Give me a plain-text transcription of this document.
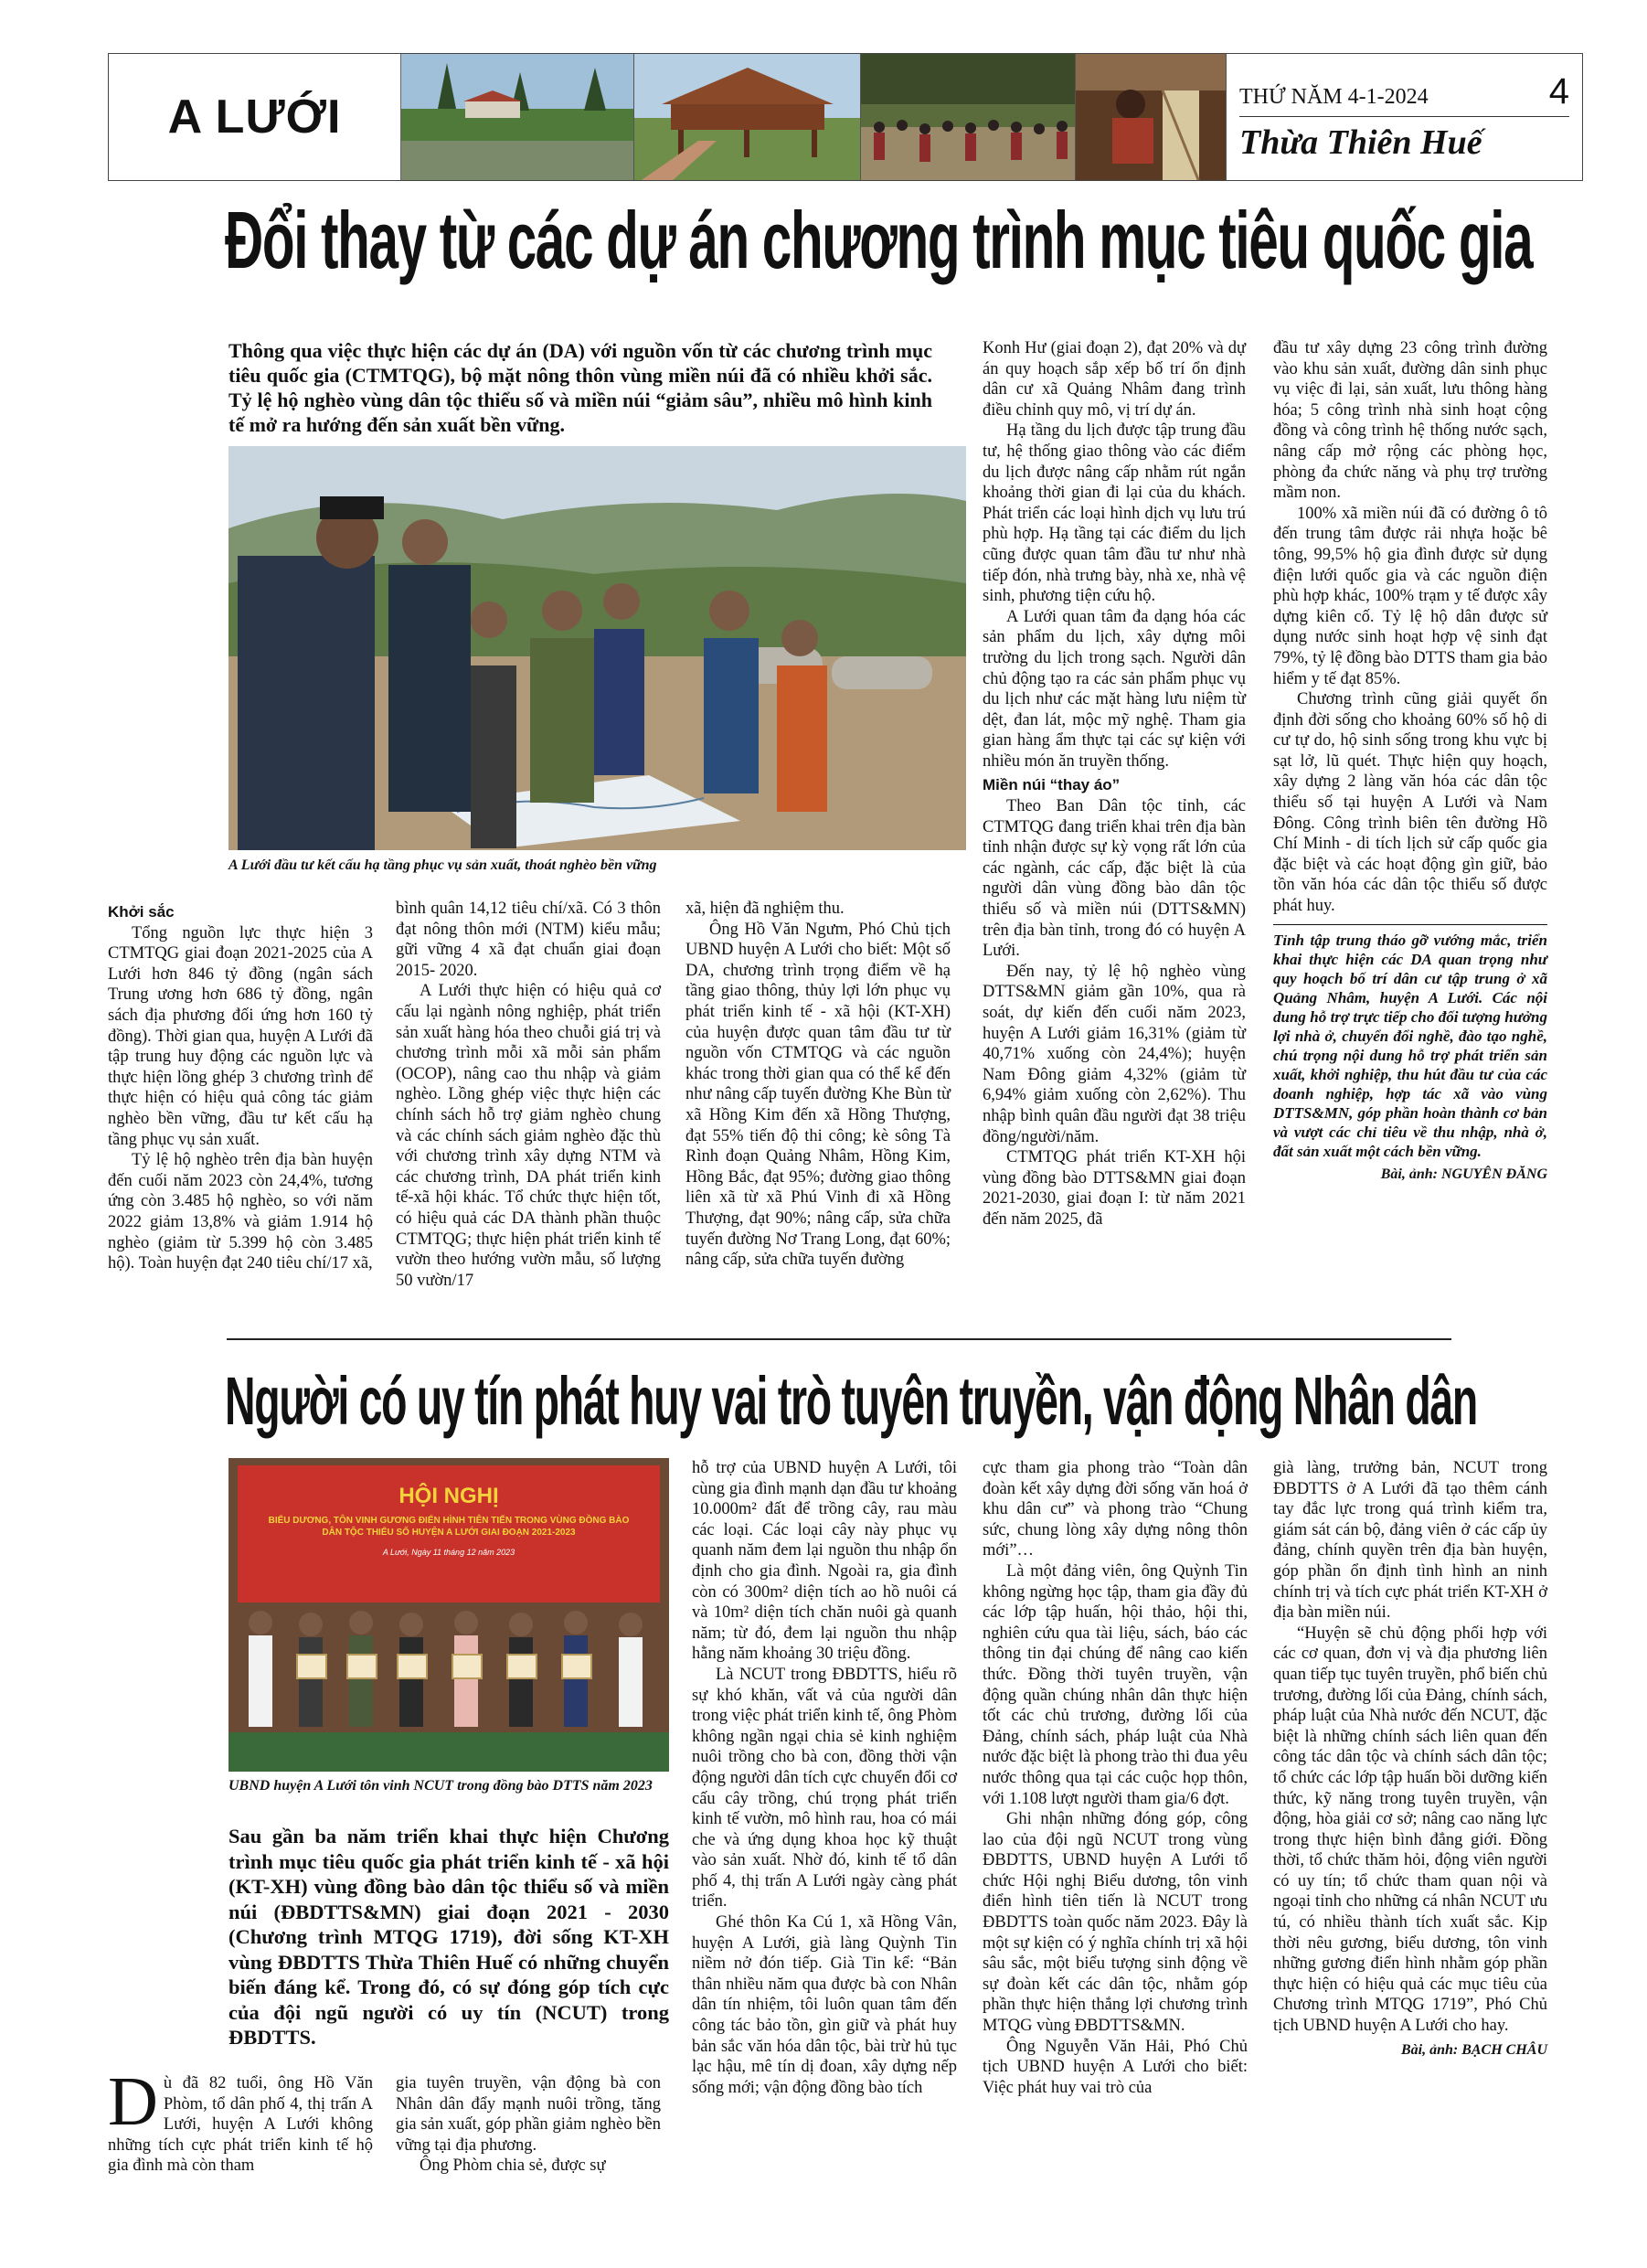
A LƯỚI	THỨ NĂM 4-1-2024	4
Thừa Thiên Huế
Đổi thay từ các dự án chương trình mục tiêu quốc gia
Thông qua việc thực hiện các dự án (DA) với nguồn vốn từ các chương trình mục tiêu quốc gia (CTMTQG), bộ mặt nông thôn vùng miền núi đã có nhiều khởi sắc. Tỷ lệ hộ nghèo vùng dân tộc thiểu số và miền núi “giảm sâu”, nhiều mô hình kinh tế mở ra hướng đến sản xuất bền vững.
A Lưới đầu tư kết cấu hạ tầng phục vụ sản xuất, thoát nghèo bền vững

Khởi sắc

Tổng nguồn lực thực hiện 3 CTMTQG giai đoạn 2021-2025 của A Lưới hơn 846 tỷ đồng (ngân sách Trung ương hơn 686 tỷ đồng, ngân sách địa phương đối ứng hơn 160 tỷ đồng). Thời gian qua, huyện A Lưới đã tập trung huy động các nguồn lực và thực hiện lồng ghép 3 chương trình để thực hiện có hiệu quả công tác giảm nghèo bền vững, đầu tư kết cấu hạ tầng phục vụ sản xuất.

Tỷ lệ hộ nghèo trên địa bàn huyện đến cuối năm 2023 còn 24,4%, tương ứng còn 3.485 hộ nghèo, so với năm 2022 giảm 13,8% và giảm 1.914 hộ nghèo (giảm từ 5.399 hộ còn 3.485 hộ). Toàn huyện đạt 240 tiêu chí/17 xã,

bình quân 14,12 tiêu chí/xã. Có 3 thôn đạt nông thôn mới (NTM) kiểu mẫu; gữi vững 4 xã đạt chuẩn giai đoạn 2015- 2020.

A Lưới thực hiện có hiệu quả cơ cấu lại ngành nông nghiệp, phát triển sản xuất hàng hóa theo chuỗi giá trị và chương trình mỗi xã mỗi sản phẩm (OCOP), nâng cao thu nhập và giảm nghèo. Lồng ghép việc thực hiện các chính sách hỗ trợ giảm nghèo chung và các chính sách giảm nghèo đặc thù với chương trình xây dựng NTM và các chương trình, DA phát triển kinh tế-xã hội khác. Tổ chức thực hiện tốt, có hiệu quả các DA thành phần thuộc CTMTQG; thực hiện phát triển kinh tế vườn theo hướng vườn mẫu, số lượng 50 vườn/17

xã, hiện đã nghiệm thu.

Ông Hồ Văn Ngưm, Phó Chủ tịch UBND huyện A Lưới cho biết: Một số DA, chương trình trọng điểm về hạ tầng giao thông, thủy lợi lớn phục vụ phát triển kinh tế - xã hội (KT-XH) của huyện được quan tâm đầu tư từ nguồn vốn CTMTQG và các nguồn khác trong thời gian qua có thể kể đến như nâng cấp tuyến đường Khe Bùn từ xã Hồng Kim đến xã Hồng Thượng, đạt 55% tiến độ thi công; kè sông Tà Rình đoạn Quảng Nhâm, Hồng Kim, Hồng Bắc, đạt 95%; đường giao thông liên xã từ xã Phú Vinh đi xã Hồng Thượng, đạt 90%; nâng cấp, sửa chữa tuyến đường Nơ Trang Long, đạt 60%; nâng cấp, sửa chữa tuyến đường

Konh Hư (giai đoạn 2), đạt 20% và dự án quy hoạch sắp xếp bố trí ổn định dân cư xã Quảng Nhâm đang trình điều chỉnh quy mô, vị trí dự án.

Hạ tầng du lịch được tập trung đầu tư, hệ thống giao thông vào các điểm du lịch được nâng cấp nhằm rút ngắn khoảng thời gian đi lại của du khách. Phát triển các loại hình dịch vụ lưu trú phù hợp. Hạ tầng tại các điểm du lịch cũng được quan tâm đầu tư như nhà tiếp đón, nhà trưng bày, nhà xe, nhà vệ sinh, phương tiện cứu hộ.

A Lưới quan tâm đa dạng hóa các sản phẩm du lịch, xây dựng môi trường du lịch trong sạch. Người dân chủ động tạo ra các sản phẩm phục vụ du lịch như các mặt hàng lưu niệm từ dệt, đan lát, mộc mỹ nghệ. Tham gia gian hàng ẩm thực tại các sự kiện với nhiều món ăn truyền thống.

Miền núi “thay áo”

Theo Ban Dân tộc tỉnh, các CTMTQG đang triển khai trên địa bàn tỉnh nhận được sự kỳ vọng rất lớn của các ngành, các cấp, đặc biệt là của người dân vùng đồng bào dân tộc thiểu số và miền núi (DTTS&MN) trên địa bàn tỉnh, trong đó có huyện A Lưới.

Đến nay, tỷ lệ hộ nghèo vùng DTTS&MN giảm gần 10%, qua rà soát, dự kiến đến cuối năm 2023, huyện A Lưới giảm 16,31% (giảm từ 40,71% xuống còn 24,4%); huyện Nam Đông giảm 4,32% (giảm từ 6,94% giảm xuống còn 2,62%). Thu nhập bình quân đầu người đạt 38 triệu đồng/người/năm.

CTMTQG phát triển KT-XH hội vùng đồng bào DTTS&MN giai đoạn 2021-2030, giai đoạn I: từ năm 2021 đến năm 2025, đã

đầu tư xây dựng 23 công trình đường vào khu sản xuất, đường dân sinh phục vụ việc đi lại, sản xuất, lưu thông hàng hóa; 5 công trình nhà sinh hoạt cộng đồng và công trình hệ thống nước sạch, nâng cấp mở rộng các phòng học, phòng đa chức năng và phụ trợ trường mầm non.

100% xã miền núi đã có đường ô tô đến trung tâm được rải nhựa hoặc bê tông, 99,5% hộ gia đình được sử dụng điện lưới quốc gia và các nguồn điện phù hợp khác, 100% trạm y tế được xây dựng kiên cố. Tỷ lệ hộ dân được sử dụng nước sinh hoạt hợp vệ sinh đạt 79%, tỷ lệ đồng bào DTTS tham gia bảo hiểm y tế đạt 85%.

Chương trình cũng giải quyết ổn định đời sống cho khoảng 60% số hộ di cư tự do, hộ sinh sống trong khu vực bị sạt lở, lũ quét. Thực hiện quy hoạch, xây dựng 2 làng văn hóa các dân tộc thiểu số tại huyện A Lưới và Nam Đông. Công trình biên tên đường Hồ Chí Minh - di tích lịch sử cấp quốc gia đặc biệt và các hoạt động gìn giữ, bảo tồn văn hóa các dân tộc thiểu số được phát huy.

Tỉnh tập trung tháo gỡ vướng mắc, triển khai thực hiện các DA quan trọng như quy hoạch bố trí dân cư tập trung ở xã Quảng Nhâm, huyện A Lưới. Các nội dung hỗ trợ trực tiếp cho đối tượng hưởng lợi nhà ở, chuyển đổi nghề, đào tạo nghề, chú trọng nội dung hỗ trợ phát triển sản xuất, khởi nghiệp, thu hút đầu tư của các doanh nghiệp, hợp tác xã vào vùng DTTS&MN, góp phần hoàn thành cơ bản và vượt các chỉ tiêu về thu nhập, nhà ở, đất sản xuất một cách bền vững.
Bài, ảnh: NGUYÊN ĐĂNG
Người có uy tín phát huy vai trò tuyên truyền, vận động Nhân dân
HỘI NGHỊ
BIỂU DƯƠNG, TÔN VINH GƯƠNG ĐIỂN HÌNH TIÊN TIẾN TRONG VÙNG ĐỒNG BÀO DÂN TỘC THIỂU SỐ HUYỆN A LƯỚI GIAI ĐOẠN 2021-2023
A Lưới, Ngày 11 tháng 12 năm 2023
UBND huyện A Lưới tôn vinh NCUT trong đồng bào DTTS năm 2023
Sau gần ba năm triển khai thực hiện Chương trình mục tiêu quốc gia phát triển kinh tế - xã hội (KT-XH) vùng đồng bào dân tộc thiểu số và miền núi (ĐBDTTS&MN) giai đoạn 2021 - 2030 (Chương trình MTQG 1719), đời sống KT-XH vùng ĐBDTTS Thừa Thiên Huế có những chuyển biến đáng kể. Trong đó, có sự đóng góp tích cực của đội ngũ người có uy tín (NCUT) trong ĐBDTTS.

Dù đã 82 tuổi, ông Hồ Văn Phòm, tổ dân phố 4, thị trấn A Lưới, huyện A Lưới không những tích cực phát triển kinh tế hộ gia đình mà còn tham

gia tuyên truyền, vận động bà con Nhân dân đẩy mạnh nuôi trồng, tăng gia sản xuất, góp phần giảm nghèo bền vững tại địa phương.

Ông Phòm chia sẻ, được sự

hỗ trợ của UBND huyện A Lưới, tôi cùng gia đình mạnh dạn đầu tư khoảng 10.000m² đất để trồng cây, rau màu các loại. Các loại cây này phục vụ quanh năm đem lại nguồn thu nhập ổn định cho gia đình. Ngoài ra, gia đình còn có 300m² diện tích ao hồ nuôi cá và 10m² diện tích chăn nuôi gà quanh năm; từ đó, đem lại nguồn thu nhập hằng năm khoảng 30 triệu đồng.

Là NCUT trong ĐBDTTS, hiểu rõ sự khó khăn, vất vả của người dân trong việc phát triển kinh tế, ông Phòm không ngần ngại chia sẻ kinh nghiệm nuôi trồng cho bà con, đồng thời vận động người dân tích cực chuyển đổi cơ cấu cây trồng, chú trọng phát triển kinh tế vườn, mô hình rau, hoa có mái che và ứng dụng khoa học kỹ thuật vào sản xuất. Nhờ đó, kinh tế tổ dân phố 4, thị trấn A Lưới ngày càng phát triển.

Ghé thôn Ka Cú 1, xã Hồng Vân, huyện A Lưới, già làng Quỳnh Tin niềm nở đón tiếp. Già Tin kể: “Bản thân nhiều năm qua được bà con Nhân dân tín nhiệm, tôi luôn quan tâm đến công tác bảo tồn, gìn giữ và phát huy bản sắc văn hóa dân tộc, bài trừ hủ tục lạc hậu, mê tín dị đoan, xây dựng nếp sống mới; vận động đồng bào tích

cực tham gia phong trào “Toàn dân đoàn kết xây dựng đời sống văn hoá ở khu dân cư” và phong trào “Chung sức, chung lòng xây dựng nông thôn mới”…

Là một đảng viên, ông Quỳnh Tin không ngừng học tập, tham gia đầy đủ các lớp tập huấn, hội thảo, hội thi, nghiên cứu qua tài liệu, sách, báo các thông tin đại chúng để nâng cao kiến thức. Đồng thời tuyên truyền, vận động quần chúng nhân dân thực hiện tốt các chủ trương, đường lối của Đảng, chính sách, pháp luật của Nhà nước đặc biệt là phong trào thi đua yêu nước thông qua tại các cuộc họp thôn, với 1.108 lượt người tham gia/6 đợt.

Ghi nhận những đóng góp, công lao của đội ngũ NCUT trong vùng ĐBDTTS, UBND huyện A Lưới tổ chức Hội nghị Biểu dương, tôn vinh điển hình tiên tiến là NCUT trong ĐBDTTS toàn quốc năm 2023. Đây là một sự kiện có ý nghĩa chính trị xã hội sâu sắc, một biểu tượng sinh động về sự đoàn kết các dân tộc, nhằm góp phần thực hiện thắng lợi chương trình MTQG vùng ĐBDTTS&MN.

Ông Nguyễn Văn Hải, Phó Chủ tịch UBND huyện A Lưới cho biết: Việc phát huy vai trò của

già làng, trưởng bản, NCUT trong ĐBDTTS ở A Lưới đã tạo thêm cánh tay đắc lực trong quá trình kiểm tra, giám sát cán bộ, đảng viên ở các cấp ủy đảng, chính quyền trên địa bàn huyện, góp phần ổn định tình hình an ninh chính trị và tích cực phát triển KT-XH ở địa bàn miền núi.

“Huyện sẽ chủ động phối hợp với các cơ quan, đơn vị và địa phương liên quan tiếp tục tuyên truyền, phổ biến chủ trương, đường lối của Đảng, chính sách, pháp luật của Nhà nước đến NCUT, đặc biệt là những chính sách liên quan đến công tác dân tộc và chính sách dân tộc; tổ chức các lớp tập huấn bồi dưỡng kiến thức, kỹ năng trong tuyên truyền, vận động, hòa giải cơ sở; nâng cao năng lực trong thực hiện bình đẳng giới. Đồng thời, tổ chức thăm hỏi, động viên người có uy tín; tổ chức tham quan nội và ngoại tỉnh cho những cá nhân NCUT ưu tú, có nhiều thành tích xuất sắc. Kịp thời nêu gương, biểu dương, tôn vinh những gương điển hình nhằm góp phần thực hiện có hiệu quả các mục tiêu của Chương trình MTQG 1719”, Phó Chủ tịch UBND huyện A Lưới cho hay.

Bài, ảnh: BẠCH CHÂU
